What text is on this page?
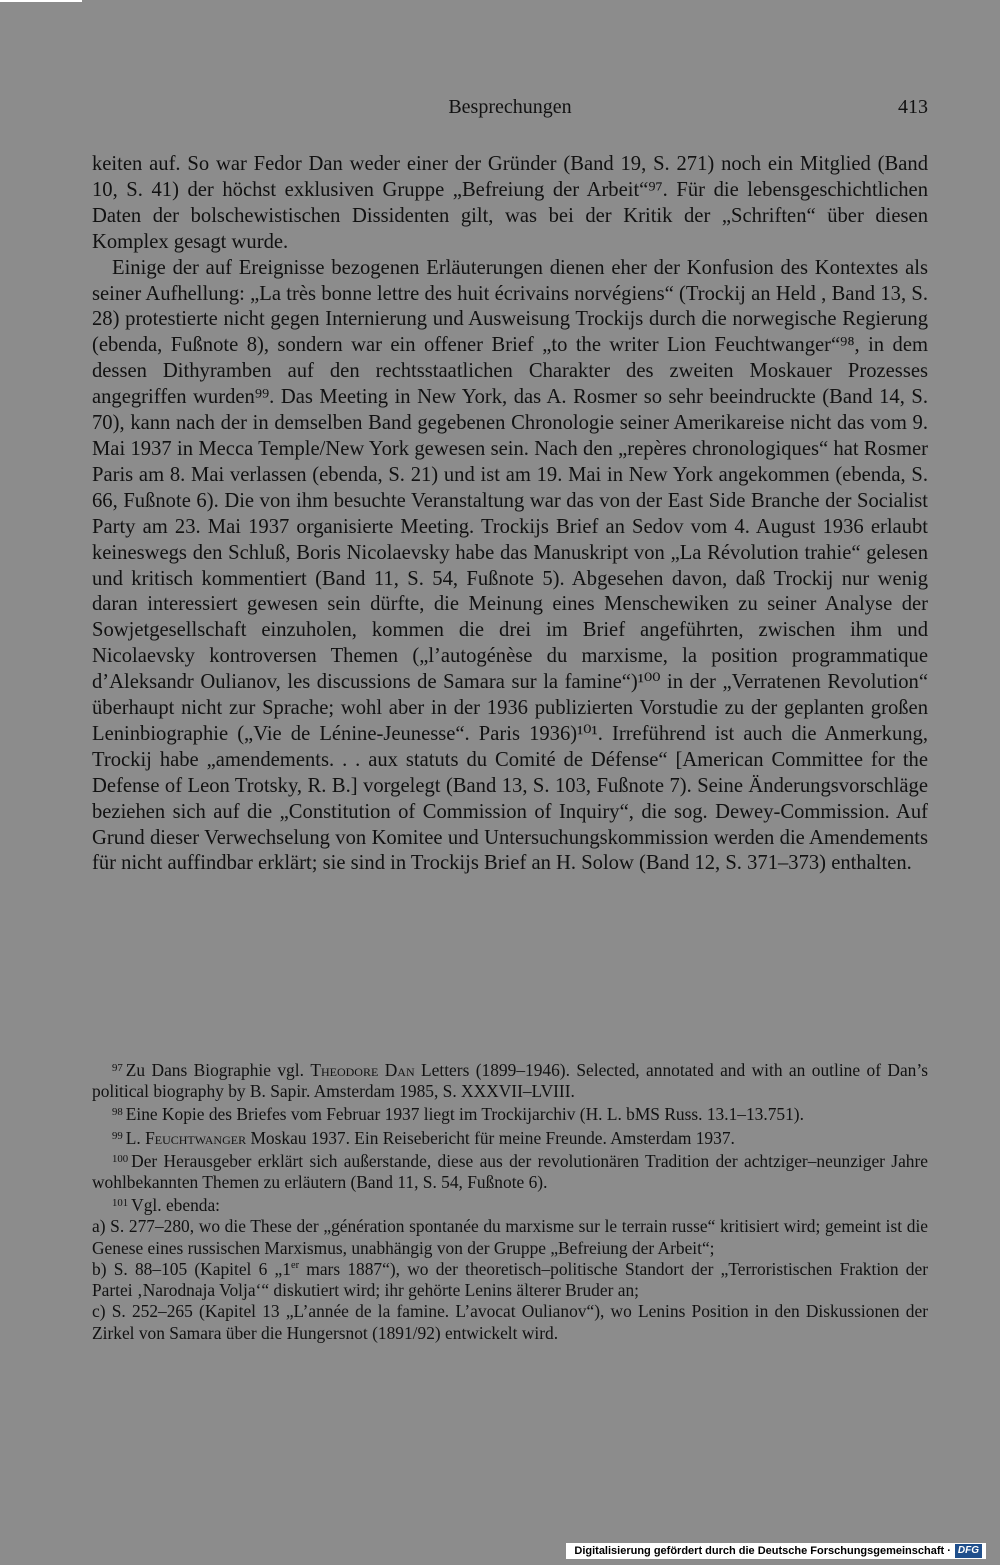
Besprechungen	413

keiten auf. So war Fedor Dan weder einer der Gründer (Band 19, S. 271) noch ein Mitglied (Band 10, S. 41) der höchst exklusiven Gruppe „Befreiung der Arbeit“⁹⁷. Für die lebensgeschichtlichen Daten der bolschewistischen Dissidenten gilt, was bei der Kritik der „Schriften“ über diesen Komplex gesagt wurde.

Einige der auf Ereignisse bezogenen Erläuterungen dienen eher der Konfusion des Kontextes als seiner Aufhellung: „La très bonne lettre des huit écrivains norvégiens“ (Trockij an Held , Band 13, S. 28) protestierte nicht gegen Internierung und Ausweisung Trockijs durch die norwegische Regierung (ebenda, Fußnote 8), sondern war ein offener Brief „to the writer Lion Feuchtwanger“⁹⁸, in dem dessen Dithyramben auf den rechtsstaatlichen Charakter des zweiten Moskauer Prozesses angegriffen wurden⁹⁹. Das Meeting in New York, das A. Rosmer so sehr beeindruckte (Band 14, S. 70), kann nach der in demselben Band gegebenen Chronologie seiner Amerikareise nicht das vom 9. Mai 1937 in Mecca Temple/New York gewesen sein. Nach den „repères chronologiques“ hat Rosmer Paris am 8. Mai verlassen (ebenda, S. 21) und ist am 19. Mai in New York angekommen (ebenda, S. 66, Fußnote 6). Die von ihm besuchte Veranstaltung war das von der East Side Branche der Socialist Party am 23. Mai 1937 organisierte Meeting. Trockijs Brief an Sedov vom 4. August 1936 erlaubt keineswegs den Schluß, Boris Nicolaevsky habe das Manuskript von „La Révolution trahie“ gelesen und kritisch kommentiert (Band 11, S. 54, Fußnote 5). Abgesehen davon, daß Trockij nur wenig daran interessiert gewesen sein dürfte, die Meinung eines Menschewiken zu seiner Analyse der Sowjetgesellschaft einzuholen, kommen die drei im Brief angeführten, zwischen ihm und Nicolaevsky kontroversen Themen („l’autogénèse du marxisme, la position programmatique d’Aleksandr Oulianov, les discussions de Samara sur la famine“)¹⁰⁰ in der „Verratenen Revolution“ überhaupt nicht zur Sprache; wohl aber in der 1936 publizierten Vorstudie zu der geplanten großen Leninbiographie („Vie de Lénine-Jeunesse“. Paris 1936)¹⁰¹. Irreführend ist auch die Anmerkung, Trockij habe „amendements. . . aux statuts du Comité de Défense“ [American Committee for the Defense of Leon Trotsky, R. B.] vorgelegt (Band 13, S. 103, Fußnote 7). Seine Änderungsvorschläge beziehen sich auf die „Constitution of Commission of Inquiry“, die sog. Dewey-Commission. Auf Grund dieser Verwechselung von Komitee und Untersuchungskommission werden die Amendements für nicht auffindbar erklärt; sie sind in Trockijs Brief an H. Solow (Band 12, S. 371–373) enthalten.

$^{97}$ Zu Dans Biographie vgl. Theodore Dan Letters (1899–1946). Selected, annotated and with an outline of Dan’s political biography by B. Sapir. Amsterdam 1985, S. XXXVII–LVIII.

$^{98}$ Eine Kopie des Briefes vom Februar 1937 liegt im Trockijarchiv (H. L. bMS Russ. 13.1–13.751).

$^{99}$ L. Feuchtwanger Moskau 1937. Ein Reisebericht für meine Freunde. Amsterdam 1937.

$^{100}$ Der Herausgeber erklärt sich außerstande, diese aus der revolutionären Tradition der achtziger–neunziger Jahre wohlbekannten Themen zu erläutern (Band 11, S. 54, Fußnote 6).

$^{101}$ Vgl. ebenda:

a) S. 277–280, wo die These der „génération spontanée du marxisme sur le terrain russe“ kritisiert wird; gemeint ist die Genese eines russischen Marxismus, unabhängig von der Gruppe „Befreiung der Arbeit“;

b) S. 88–105 (Kapitel 6 „1er mars 1887“), wo der theoretisch–politische Standort der „Terroristischen Fraktion der Partei ‚Narodnaja Volja‘“ diskutiert wird; ihr gehörte Lenins älterer Bruder an;

c) S. 252–265 (Kapitel 13 „L’année de la famine. L’avocat Oulianov“), wo Lenins Position in den Diskussionen der Zirkel von Samara über die Hungersnot (1891/92) entwickelt wird.

Digitalisierung gefördert durch die Deutsche Forschungsgemeinschaft · DFG
